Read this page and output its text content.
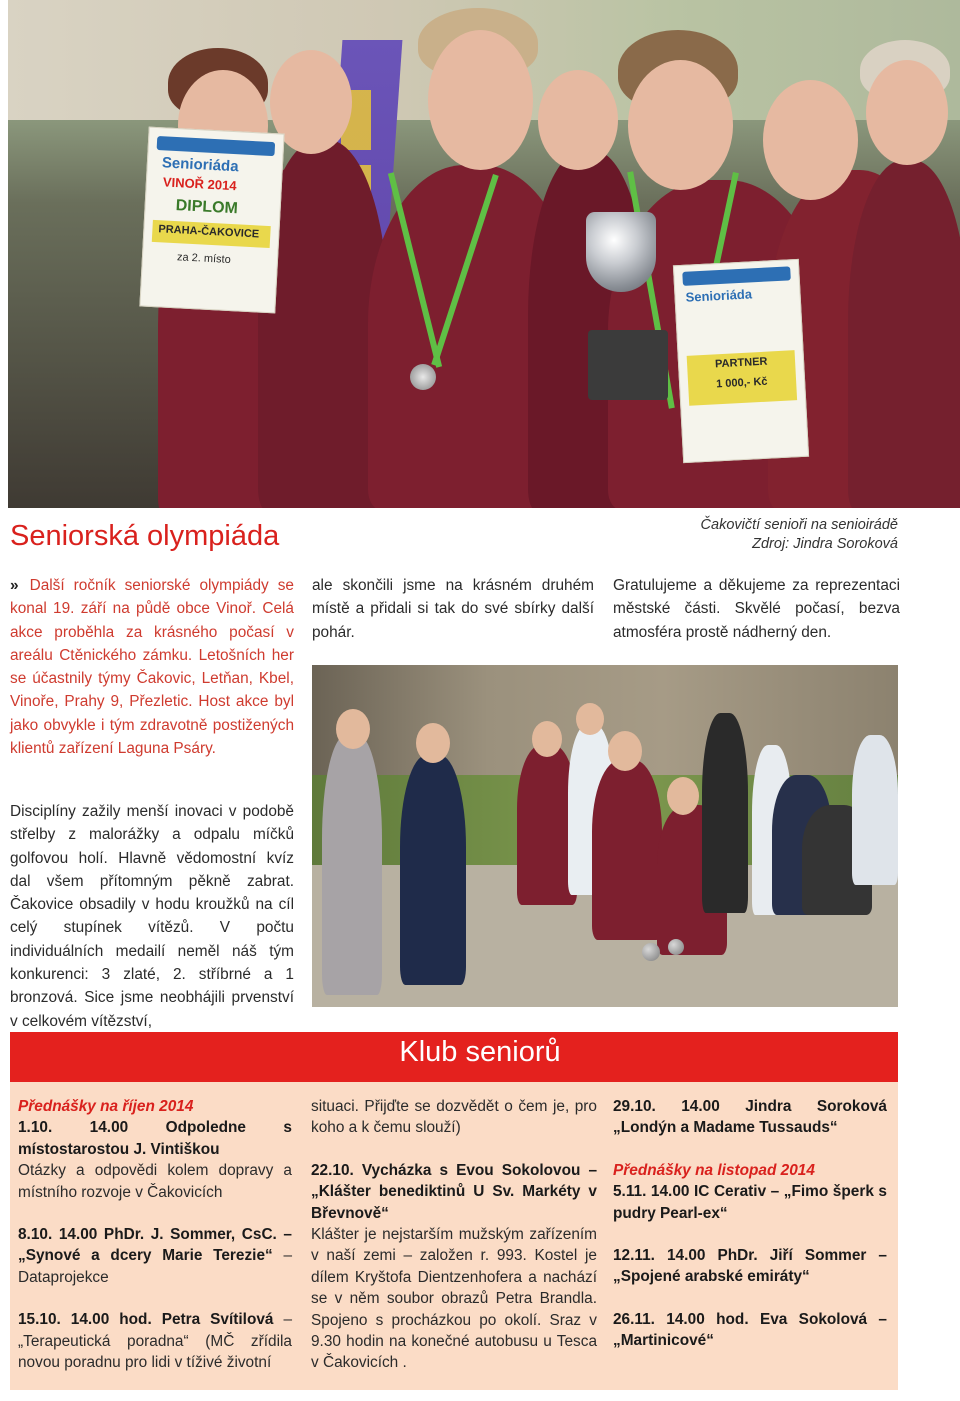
Senioriáda
VINOŘ 2014
DIPLOM
PRAHA-ČAKOVICE
za 2. místo
Senioriáda
PARTNER
1 000,- Kč
Seniorská olympiáda	Čakovičtí senioři na senioirádě
Zdroj: Jindra Soroková
» Další ročník seniorské olympiády se konal 19. září na půdě obce Vinoř. Celá akce proběhla za krásného počasí v areálu Ctěnického zámku. Letošních her se účastnily týmy Čakovic, Letňan, Kbel, Vinoře, Prahy 9, Přezletic. Host akce byl jako obvykle i tým zdravotně postižených klientů zařízení Laguna Psáry.
Disciplíny zažily menší inovaci v podobě střelby z malorážky a odpalu míčků golfovou holí. Hlavně vědomostní kvíz dal všem přítomným pěkně zabrat. Čakovice obsadily v hodu kroužků na cíl celý stupínek vítězů. V počtu individuálních medailí neměl náš tým konkurenci: 3 zlaté, 2. stříbrné a 1 bronzová. Sice jsme neobhájili prvenství v celkovém vítězství,
ale skončili jsme na krásném druhém místě a přidali si tak do své sbírky další pohár.
Gratulujeme a děkujeme za reprezentaci městské části. Skvělé počasí, bezva atmosféra prostě nádherný den.
Klub seniorů

Přednášky na říjen 2014

1.10. 14.00 Odpoledne s místostarostou J. Vintiškou

Otázky a odpovědi kolem dopravy a místního rozvoje v Čakovicích

8.10. 14.00 PhDr. J. Sommer, CsC. – „Synové a dcery Marie Terezie“ – Dataprojekce

15.10. 14.00 hod. Petra Svítilová – „Terapeutická poradna“ (MČ zřídila novou poradnu pro lidi v tíživé životní

situaci. Přijďte se dozvědět o čem je, pro koho a k čemu slouží)

22.10. Vycházka s Evou Sokolovou – „Klášter benediktinů U Sv. Markéty v Břevnově“

Klášter je nejstarším mužským zařízením v naší zemi – založen r. 993. Kostel je dílem Kryštofa Dientzenhofera a nachází se v něm soubor obrazů Petra Brandla. Spojeno s procházkou po okolí. Sraz v 9.30 hodin na konečné autobusu u Tesca v Čakovicích .

29.10. 14.00 Jindra Soroková „Londýn a Madame Tussauds“

Přednášky na listopad 2014

5.11. 14.00 IC Cerativ – „Fimo šperk s pudry Pearl-ex“

12.11. 14.00 PhDr. Jiří Sommer – „Spojené arabské emiráty“

26.11. 14.00 hod. Eva Sokolová – „Martinicové“
